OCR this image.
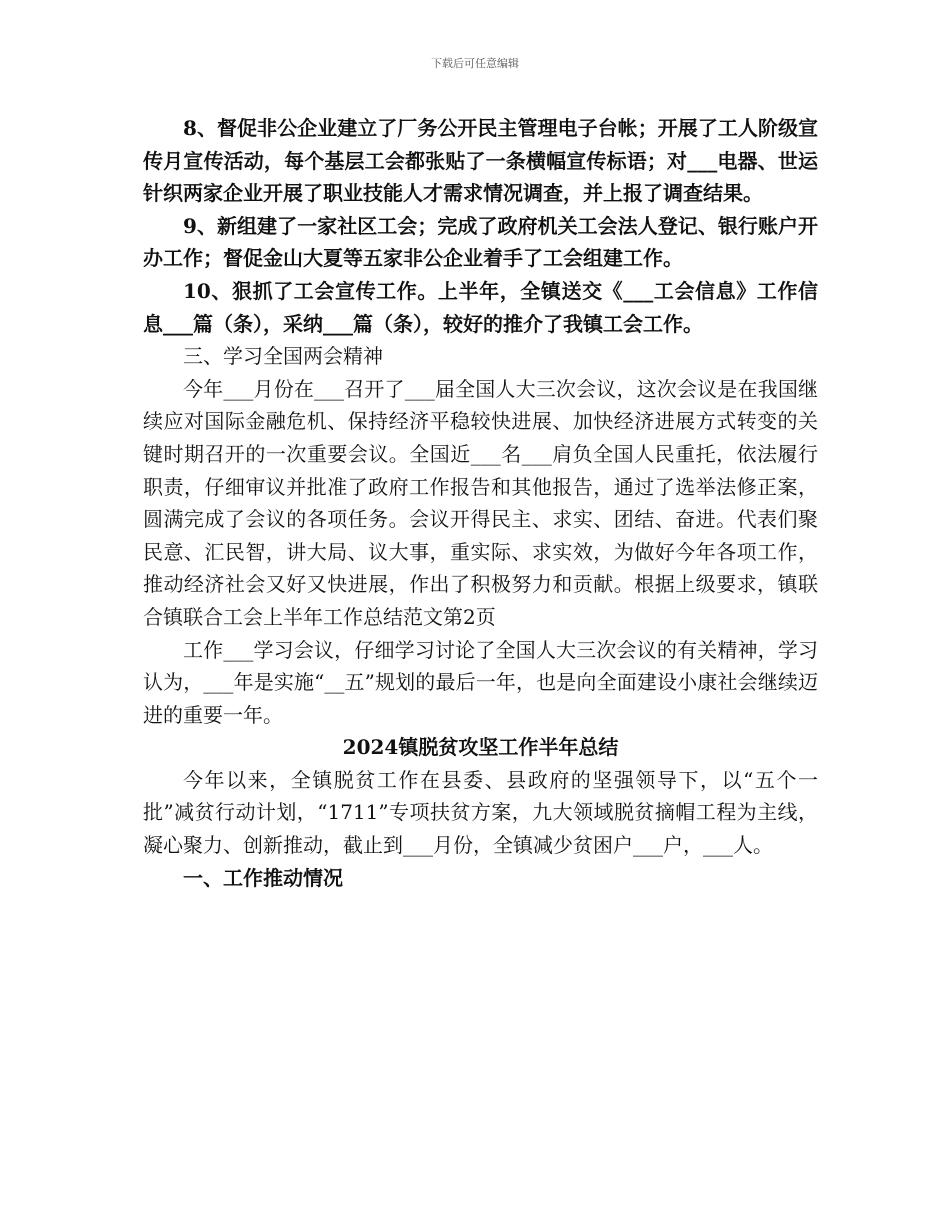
下载后可任意编辑

8、督促非公企业建立了厂务公开民主管理电子台帐；开展了工人阶级宣传月宣传活动，每个基层工会都张贴了一条横幅宣传标语；对___电器、世运针织两家企业开展了职业技能人才需求情况调查，并上报了调查结果。

9、新组建了一家社区工会；完成了政府机关工会法人登记、银行账户开办工作；督促金山大夏等五家非公企业着手了工会组建工作。

10、狠抓了工会宣传工作。上半年，全镇送交《___工会信息》工作信息___篇（条），采纳___篇（条），较好的推介了我镇工会工作。

三、学习全国两会精神

今年___月份在___召开了___届全国人大三次会议，这次会议是在我国继续应对国际金融危机、保持经济平稳较快进展、加快经济进展方式转变的关键时期召开的一次重要会议。全国近___名___肩负全国人民重托，依法履行职责，仔细审议并批准了政府工作报告和其他报告，通过了选举法修正案，圆满完成了会议的各项任务。会议开得民主、求实、团结、奋进。代表们聚民意、汇民智，讲大局、议大事，重实际、求实效，为做好今年各项工作，推动经济社会又好又快进展，作出了积极努力和贡献。根据上级要求，镇联合镇联合工会上半年工作总结范文第2页

工作___学习会议，仔细学习讨论了全国人大三次会议的有关精神，学习认为，___年是实施“__五”规划的最后一年，也是向全面建设小康社会继续迈进的重要一年。

2024镇脱贫攻坚工作半年总结

今年以来，全镇脱贫工作在县委、县政府的坚强领导下，以“五个一批”减贫行动计划，“1711”专项扶贫方案，九大领域脱贫摘帽工程为主线，凝心聚力、创新推动，截止到___月份，全镇减少贫困户___户，___人。

一、工作推动情况
